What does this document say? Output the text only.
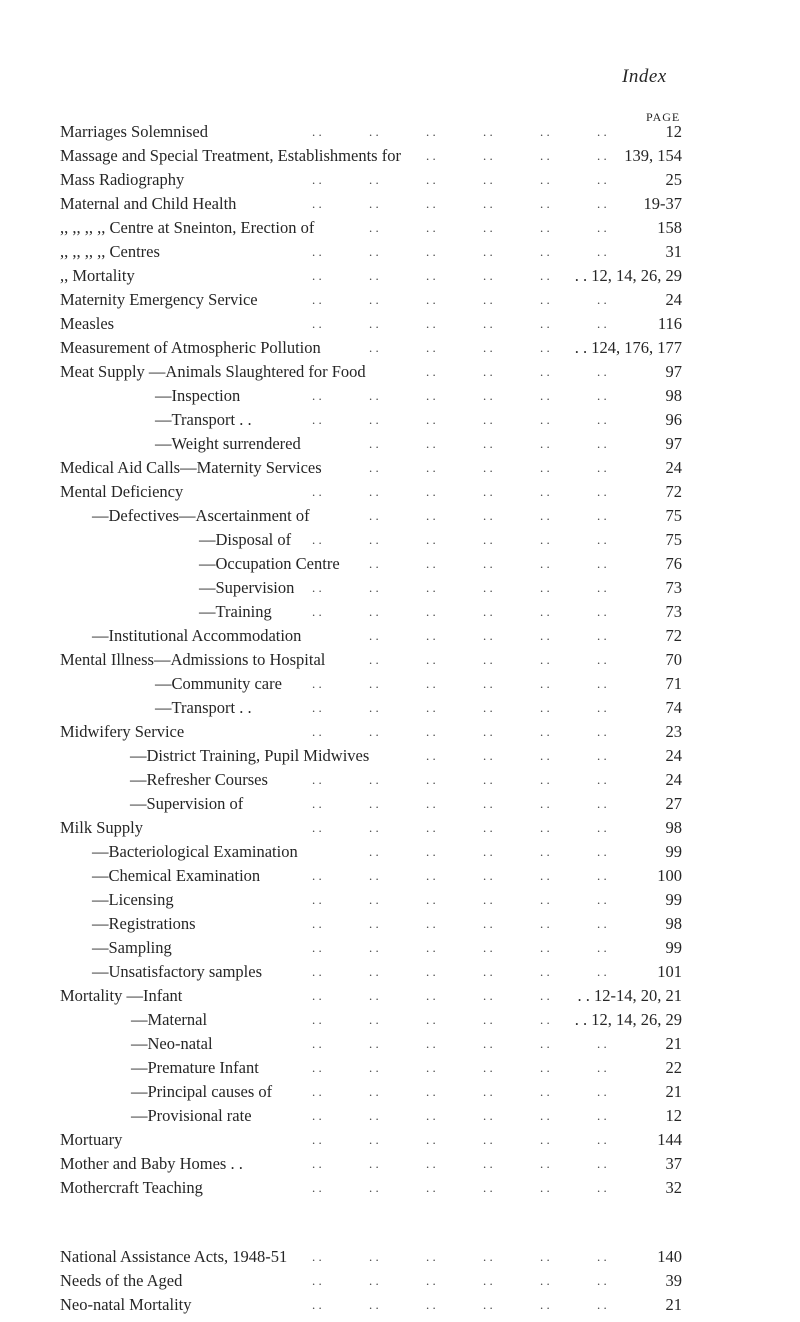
Index
PAGE
Marriages Solemnised	12
. .	. .	. .	. .	. .	. .
Massage and Special Treatment, Establishments for	139, 154
. .	. .	. .	. .
Mass Radiography	25
. .	. .	. .	. .	. .	. .
Maternal and Child Health	19-37
. .	. .	. .	. .	. .	. .
,, ,, ,, ,, Centre at Sneinton, Erection of	158
. .	. .	. .	. .	. .
,, ,, ,, ,, Centres	31
. .	. .	. .	. .	. .	. .
,, Mortality	. . 12, 14, 26, 29
. .	. .	. .	. .	. .
Maternity Emergency Service	24
. .	. .	. .	. .	. .	. .
Measles	116
. .	. .	. .	. .	. .	. .
Measurement of Atmospheric Pollution	. . 124, 176, 177
. .	. .	. .	. .
Meat Supply —Animals Slaughtered for Food	97
. .	. .	. .	. .
—Inspection	98
. .	. .	. .	. .	. .	. .
—Transport . .	96
. .	. .	. .	. .	. .	. .
—Weight surrendered	97
. .	. .	. .	. .	. .
Medical Aid Calls—Maternity Services	24
. .	. .	. .	. .	. .
Mental Deficiency	72
. .	. .	. .	. .	. .	. .
—Defectives—Ascertainment of	75
. .	. .	. .	. .	. .
—Disposal of	75
. .	. .	. .	. .	. .	. .
—Occupation Centre	76
. .	. .	. .	. .	. .
—Supervision	73
. .	. .	. .	. .	. .	. .
—Training	73
. .	. .	. .	. .	. .	. .
—Institutional Accommodation	72
. .	. .	. .	. .	. .
Mental Illness—Admissions to Hospital	70
. .	. .	. .	. .	. .
—Community care	71
. .	. .	. .	. .	. .	. .
—Transport . .	74
. .	. .	. .	. .	. .	. .
Midwifery Service	23
. .	. .	. .	. .	. .	. .
—District Training, Pupil Midwives	24
. .	. .	. .	. .
—Refresher Courses	24
. .	. .	. .	. .	. .	. .
—Supervision of	27
. .	. .	. .	. .	. .	. .
Milk Supply	98
. .	. .	. .	. .	. .	. .
—Bacteriological Examination	99
. .	. .	. .	. .	. .
—Chemical Examination	100
. .	. .	. .	. .	. .	. .
—Licensing	99
. .	. .	. .	. .	. .	. .
—Registrations	98
. .	. .	. .	. .	. .	. .
—Sampling	99
. .	. .	. .	. .	. .	. .
—Unsatisfactory samples	101
. .	. .	. .	. .	. .	. .
Mortality —Infant	. . 12-14, 20, 21
. .	. .	. .	. .	. .
—Maternal	. . 12, 14, 26, 29
. .	. .	. .	. .	. .
—Neo-natal	21
. .	. .	. .	. .	. .	. .
—Premature Infant	22
. .	. .	. .	. .	. .	. .
—Principal causes of	21
. .	. .	. .	. .	. .	. .
—Provisional rate	12
. .	. .	. .	. .	. .	. .
Mortuary	144
. .	. .	. .	. .	. .	. .
Mother and Baby Homes . .	37
. .	. .	. .	. .	. .	. .
Mothercraft Teaching	32
. .	. .	. .	. .	. .	. .
National Assistance Acts, 1948-51	140
. .	. .	. .	. .	. .	. .
Needs of the Aged	39
. .	. .	. .	. .	. .	. .
Neo-natal Mortality	21
. .	. .	. .	. .	. .	. .
